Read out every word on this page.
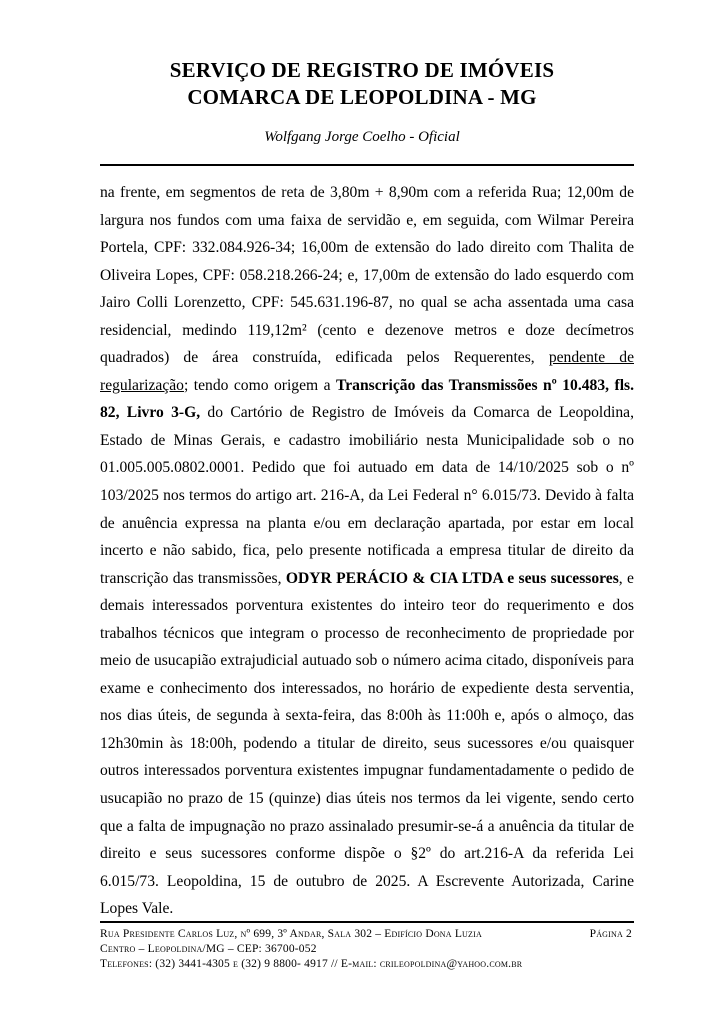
SERVIÇO DE REGISTRO DE IMÓVEIS
COMARCA DE LEOPOLDINA - MG
Wolfgang Jorge Coelho - Oficial

na frente, em segmentos de reta de 3,80m + 8,90m com a referida Rua; 12,00m de largura nos fundos com uma faixa de servidão e, em seguida, com Wilmar Pereira Portela, CPF: 332.084.926-34; 16,00m de extensão do lado direito com Thalita de Oliveira Lopes, CPF: 058.218.266-24; e, 17,00m de extensão do lado esquerdo com Jairo Colli Lorenzetto, CPF: 545.631.196-87, no qual se acha assentada uma casa residencial, medindo 119,12m² (cento e dezenove metros e doze decímetros quadrados) de área construída, edificada pelos Requerentes, pendente de regularização; tendo como origem a Transcrição das Transmissões nº 10.483, fls. 82, Livro 3-G, do Cartório de Registro de Imóveis da Comarca de Leopoldina, Estado de Minas Gerais, e cadastro imobiliário nesta Municipalidade sob o no 01.005.005.0802.0001. Pedido que foi autuado em data de 14/10/2025 sob o nº 103/2025 nos termos do artigo art. 216-A, da Lei Federal n° 6.015/73. Devido à falta de anuência expressa na planta e/ou em declaração apartada, por estar em local incerto e não sabido, fica, pelo presente notificada a empresa titular de direito da transcrição das transmissões, ODYR PERÁCIO & CIA LTDA e seus sucessores, e demais interessados porventura existentes do inteiro teor do requerimento e dos trabalhos técnicos que integram o processo de reconhecimento de propriedade por meio de usucapião extrajudicial autuado sob o número acima citado, disponíveis para exame e conhecimento dos interessados, no horário de expediente desta serventia, nos dias úteis, de segunda à sexta-feira, das 8:00h às 11:00h e, após o almoço, das 12h30min às 18:00h, podendo a titular de direito, seus sucessores e/ou quaisquer outros interessados porventura existentes impugnar fundamentadamente o pedido de usucapião no prazo de 15 (quinze) dias úteis nos termos da lei vigente, sendo certo que a falta de impugnação no prazo assinalado presumir-se-á a anuência da titular de direito e seus sucessores conforme dispõe o §2º do art.216-A da referida Lei 6.015/73. Leopoldina, 15 de outubro de 2025. A Escrevente Autorizada, Carine Lopes Vale.

Rua Presidente Carlos Luz, nº 699, 3º Andar, Sala 302 – Edifício Dona Luzia	Página 2
Centro – Leopoldina/MG – CEP: 36700-052
Telefones: (32) 3441-4305 e (32) 9 8800- 4917 // E-mail: crileopoldina@yahoo.com.br
